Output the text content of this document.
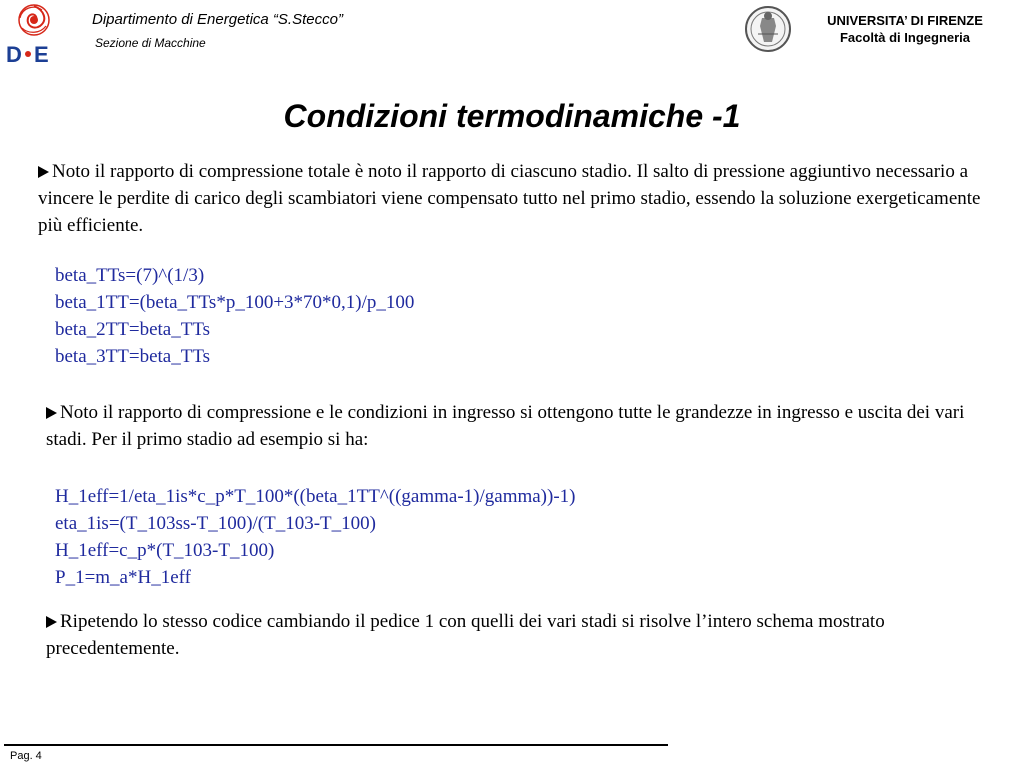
D E
Dipartimento di Energetica “S.Stecco”
Sezione di Macchine
UNIVERSITA’ DI FIRENZE
Facoltà di Ingegneria
Condizioni termodinamiche -1

Noto il rapporto di compressione totale è noto il rapporto di ciascuno stadio. Il salto di pressione aggiuntivo necessario a vincere le perdite di carico degli scambiatori viene compensato tutto nel primo stadio, essendo la soluzione exergeticamente più efficiente.

beta_TTs=(7)^(1/3)
beta_1TT=(beta_TTs*p_100+3*70*0,1)/p_100
beta_2TT=beta_TTs
beta_3TT=beta_TTs

Noto il rapporto di compressione e le condizioni in ingresso si ottengono tutte le grandezze in ingresso e uscita dei vari stadi. Per il primo stadio ad esempio si ha:

H_1eff=1/eta_1is*c_p*T_100*((beta_1TT^((gamma-1)/gamma))-1)
eta_1is=(T_103ss-T_100)/(T_103-T_100)
H_1eff=c_p*(T_103-T_100)
P_1=m_a*H_1eff

Ripetendo lo stesso codice cambiando il pedice 1 con quelli dei vari stadi si risolve l’intero schema mostrato precedentemente.

Pag. 4
